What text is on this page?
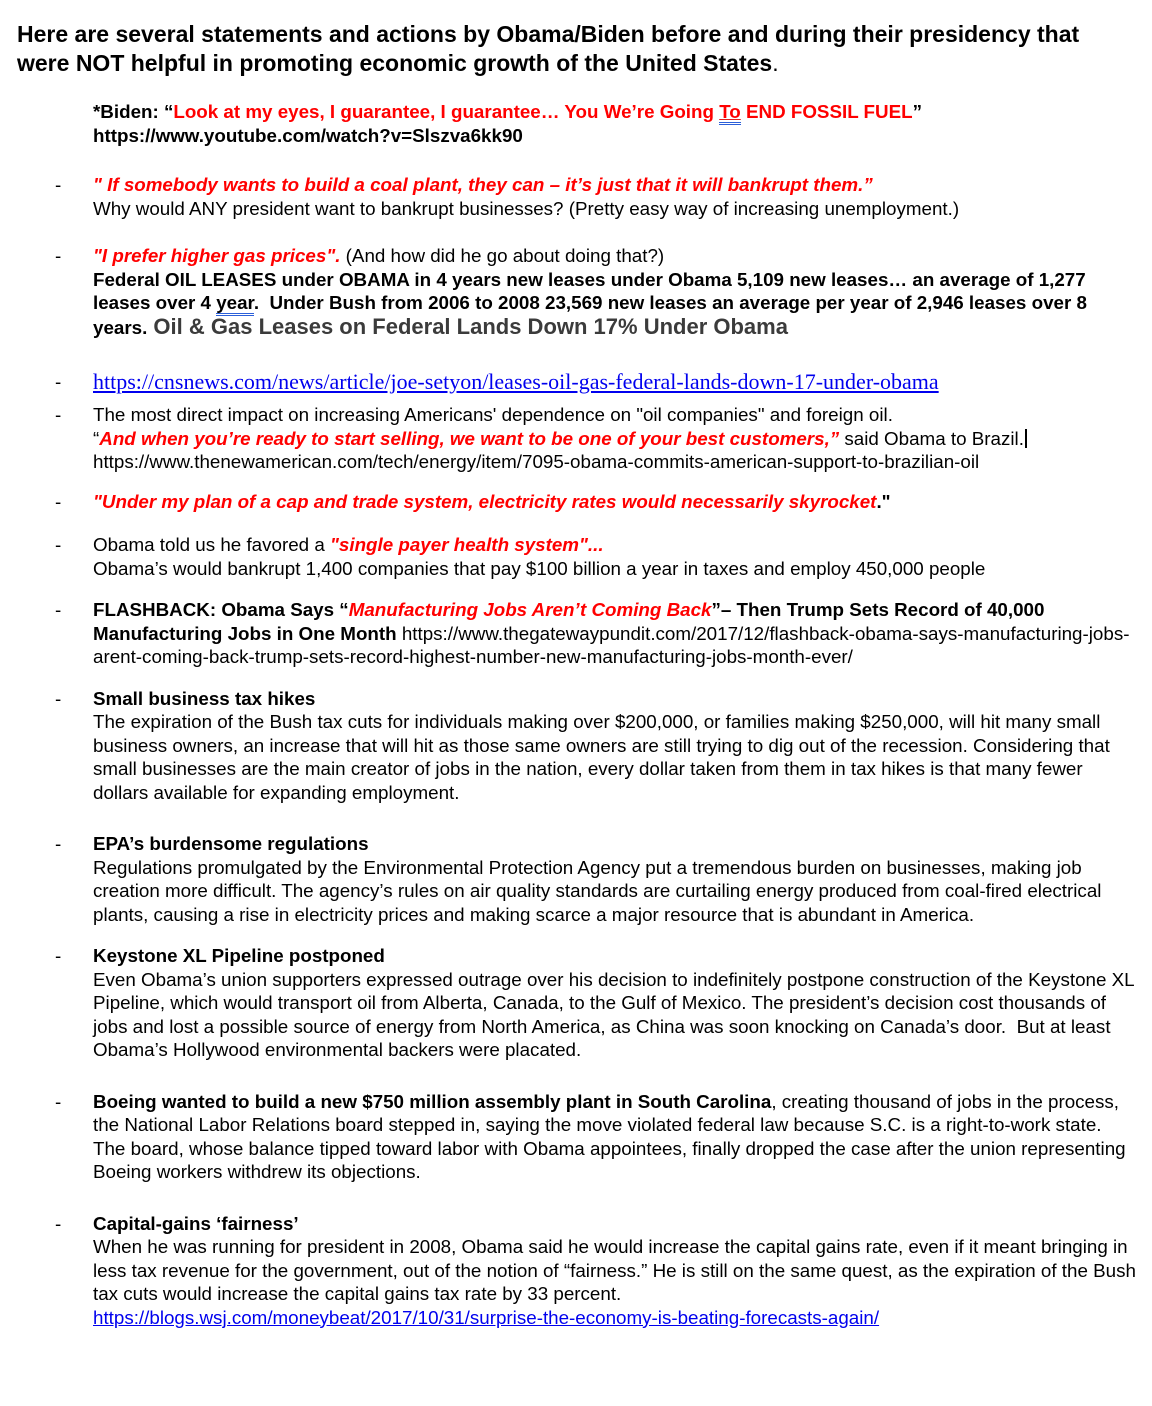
Here are several statements and actions by Obama/Biden before and during their presidency that were NOT helpful in promoting economic growth of the United States.
*Biden: “Look at my eyes, I guarantee, I guarantee… You We’re Going To END FOSSIL FUEL”
https://www.youtube.com/watch?v=Slszva6kk90
- " If somebody wants to build a coal plant, they can – it’s just that it will bankrupt them.”
Why would ANY president want to bankrupt businesses? (Pretty easy way of increasing unemployment.)
- "I prefer higher gas prices". (And how did he go about doing that?)
Federal OIL LEASES under OBAMA in 4 years new leases under Obama 5,109 new leases… an average of 1,277 leases over 4 year.  Under Bush from 2006 to 2008 23,569 new leases an average per year of 2,946 leases over 8 years. Oil & Gas Leases on Federal Lands Down 17% Under Obama
- https://cnsnews.com/news/article/joe-setyon/leases-oil-gas-federal-lands-down-17-under-obama
- The most direct impact on increasing Americans' dependence on "oil companies" and foreign oil.
“And when you’re ready to start selling, we want to be one of your best customers,” said Obama to Brazil.
https://www.thenewamerican.com/tech/energy/item/7095-obama-commits-american-support-to-brazilian-oil
- "Under my plan of a cap and trade system, electricity rates would necessarily skyrocket."
- Obama told us he favored a "single payer health system"...
Obama’s would bankrupt 1,400 companies that pay $100 billion a year in taxes and employ 450,000 people
- FLASHBACK: Obama Says “Manufacturing Jobs Aren’t Coming Back”– Then Trump Sets Record of 40,000 Manufacturing Jobs in One Month https://www.thegatewaypundit.com/2017/12/flashback-obama-says-manufacturing-jobs-arent-coming-back-trump-sets-record-highest-number-new-manufacturing-jobs-month-ever/
- Small business tax hikes
The expiration of the Bush tax cuts for individuals making over $200,000, or families making $250,000, will hit many small business owners, an increase that will hit as those same owners are still trying to dig out of the recession. Considering that small businesses are the main creator of jobs in the nation, every dollar taken from them in tax hikes is that many fewer dollars available for expanding employment.
- EPA’s burdensome regulations
Regulations promulgated by the Environmental Protection Agency put a tremendous burden on businesses, making job creation more difficult. The agency’s rules on air quality standards are curtailing energy produced from coal-fired electrical plants, causing a rise in electricity prices and making scarce a major resource that is abundant in America.
- Keystone XL Pipeline postponed
Even Obama’s union supporters expressed outrage over his decision to indefinitely postpone construction of the Keystone XL Pipeline, which would transport oil from Alberta, Canada, to the Gulf of Mexico. The president’s decision cost thousands of jobs and lost a possible source of energy from North America, as China was soon knocking on Canada’s door.  But at least Obama’s Hollywood environmental backers were placated.
- Boeing wanted to build a new $750 million assembly plant in South Carolina, creating thousand of jobs in the process, the National Labor Relations board stepped in, saying the move violated federal law because S.C. is a right-to-work state. The board, whose balance tipped toward labor with Obama appointees, finally dropped the case after the union representing Boeing workers withdrew its objections.
- Capital-gains ‘fairness’
When he was running for president in 2008, Obama said he would increase the capital gains rate, even if it meant bringing in less tax revenue for the government, out of the notion of “fairness.” He is still on the same quest, as the expiration of the Bush tax cuts would increase the capital gains tax rate by 33 percent.
https://blogs.wsj.com/moneybeat/2017/10/31/surprise-the-economy-is-beating-forecasts-again/
